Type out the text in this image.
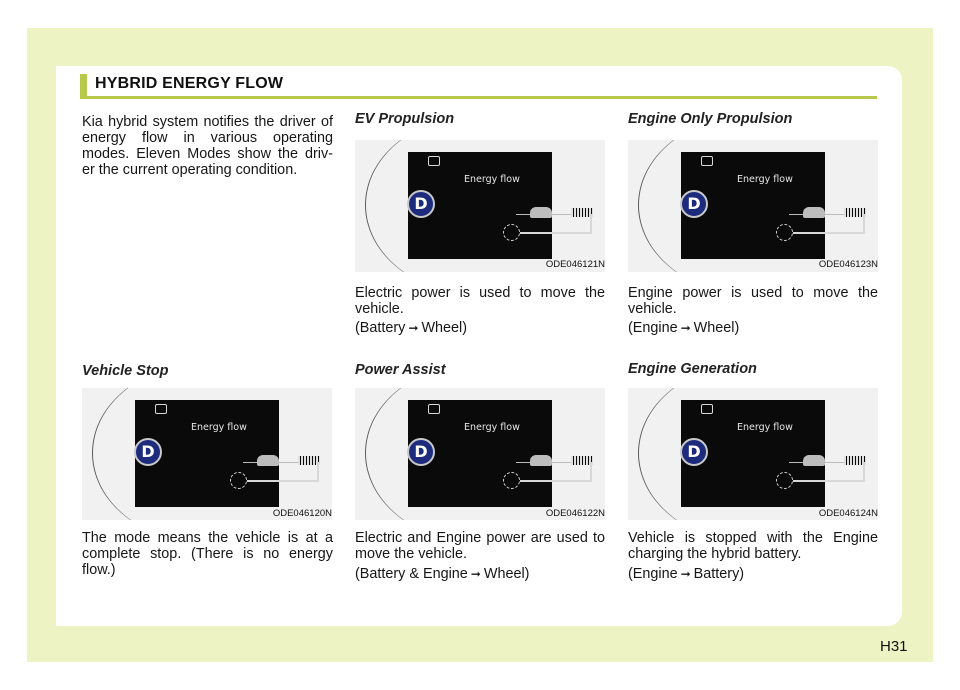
HYBRID ENERGY FLOW

Kia hybrid system notifies the driver of energy flow in various operating modes. Eleven Modes show the driv- er the current operating condition.

Vehicle Stop
Energy flow
D
ODE046120N

The mode means the vehicle is at a complete stop. (There is no energy flow.)

EV Propulsion
Energy flow
D
ODE046121N

Electric power is used to move the vehicle.

(Battery ➞ Wheel)
Power Assist
Energy flow
D
ODE046122N

Electric and Engine power are used to move the vehicle.

(Battery & Engine ➞ Wheel)
Engine Only Propulsion
Energy flow
D
ODE046123N

Engine power is used to move the vehicle.

(Engine ➞ Wheel)
Engine Generation
Energy flow
D
ODE046124N

Vehicle is stopped with the Engine charging the hybrid battery.

(Engine ➞ Battery)
H31
